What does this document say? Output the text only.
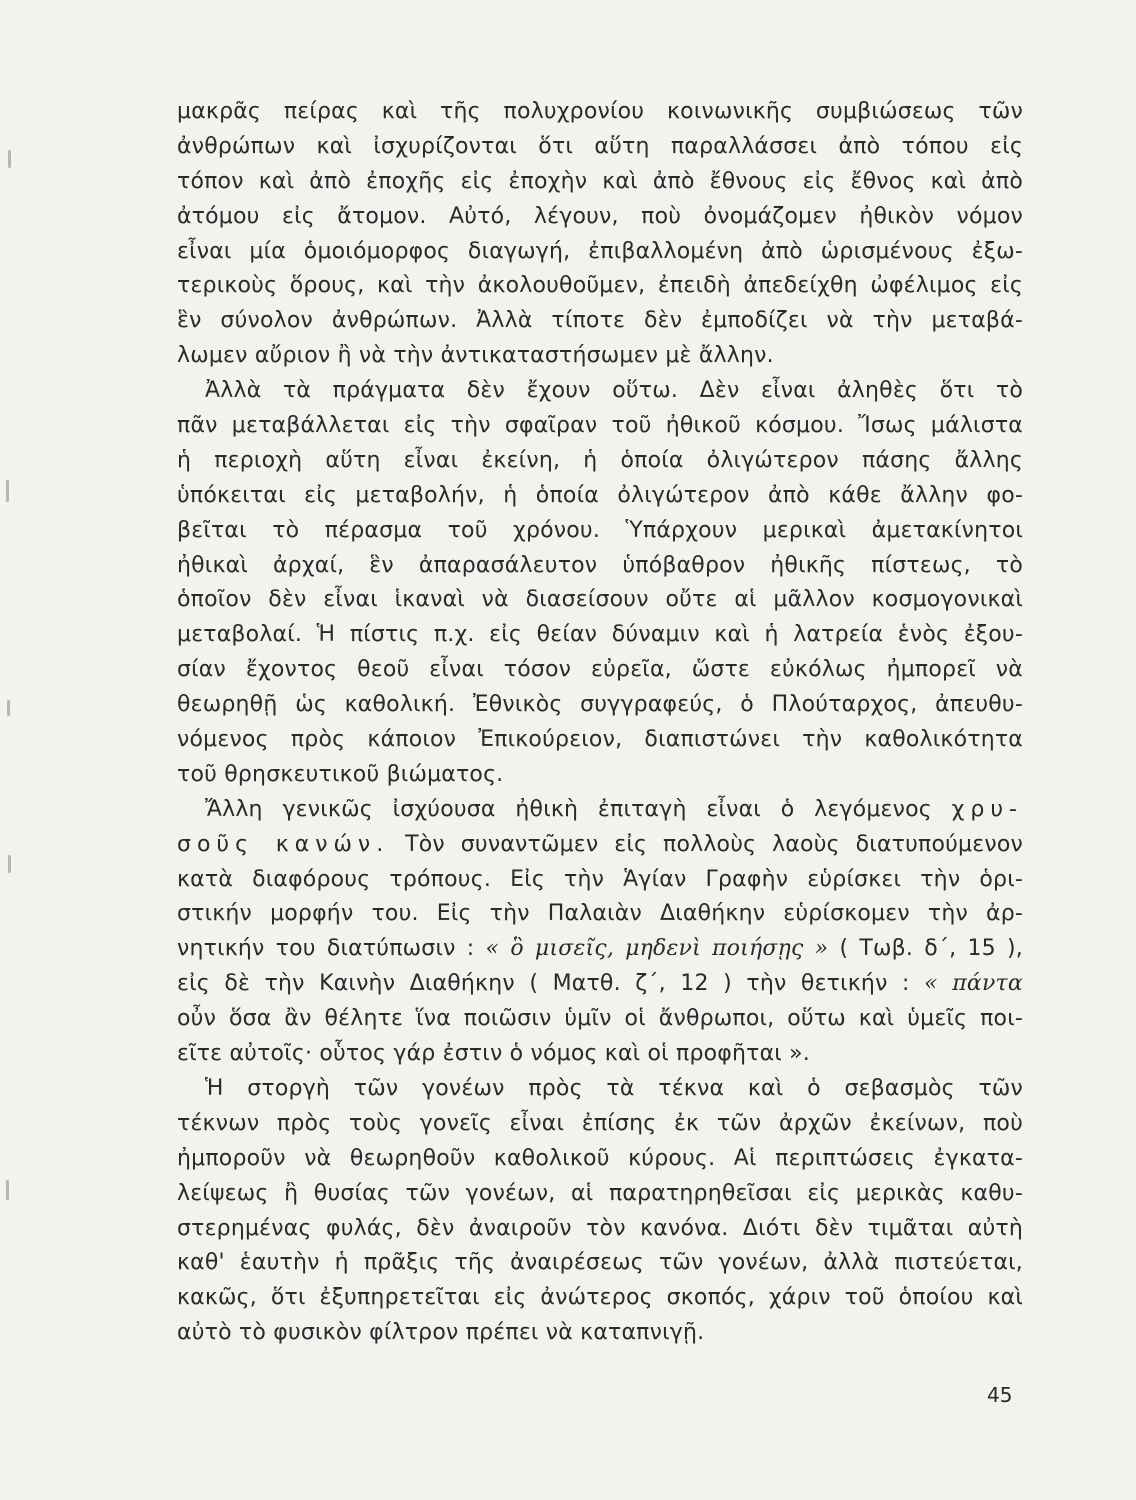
μακρᾶς πείρας καὶ τῆς πολυχρονίου κοινωνικῆς συμβιώσεως τῶν
ἀνθρώπων καὶ ἰσχυρίζονται ὅτι αὕτη παραλλάσσει ἀπὸ τόπου εἰς
τόπον καὶ ἀπὸ ἐποχῆς εἰς ἐποχὴν καὶ ἀπὸ ἔθνους εἰς ἔθνος καὶ ἀπὸ
ἀτόμου εἰς ἄτομον. Αὐτό, λέγουν, ποὺ ὀνομάζομεν ἠθικὸν νόμον
εἶναι μία ὁμοιόμορφος διαγωγή, ἐπιβαλλομένη ἀπὸ ὡρισμένους ἐξω-
τερικοὺς ὅρους, καὶ τὴν ἀκολουθοῦμεν, ἐπειδὴ ἀπεδείχθη ὠφέλιμος εἰς
ἓν σύνολον ἀνθρώπων. Ἀλλὰ τίποτε δὲν ἐμποδίζει νὰ τὴν μεταβά-
λωμεν αὔριον ἢ νὰ τὴν ἀντικαταστήσωμεν μὲ ἄλλην.
Ἀλλὰ τὰ πράγματα δὲν ἔχουν οὕτω. Δὲν εἶναι ἀληθὲς ὅτι τὸ
πᾶν μεταβάλλεται εἰς τὴν σφαῖραν τοῦ ἠθικοῦ κόσμου. Ἴσως μάλιστα
ἡ περιοχὴ αὕτη εἶναι ἐκείνη, ἡ ὁποία ὀλιγώτερον πάσης ἄλλης
ὑπόκειται εἰς μεταβολήν, ἡ ὁποία ὀλιγώτερον ἀπὸ κάθε ἄλλην φο-
βεῖται τὸ πέρασμα τοῦ χρόνου. Ὑπάρχουν μερικαὶ ἀμετακίνητοι
ἠθικαὶ ἀρχαί, ἓν ἀπαρασάλευτον ὑπόβαθρον ἠθικῆς πίστεως, τὸ
ὁποῖον δὲν εἶναι ἱκαναὶ νὰ διασείσουν οὔτε αἱ μᾶλλον κοσμογονικαὶ
μεταβολαί. Ἡ πίστις π.χ. εἰς θείαν δύναμιν καὶ ἡ λατρεία ἑνὸς ἐξου-
σίαν ἔχοντος θεοῦ εἶναι τόσον εὐρεῖα, ὥστε εὐκόλως ἠμπορεῖ νὰ
θεωρηθῇ ὡς καθολική. Ἐθνικὸς συγγραφεύς, ὁ Πλούταρχος, ἀπευθυ-
νόμενος πρὸς κάποιον Ἐπικούρειον, διαπιστώνει τὴν καθολικότητα
τοῦ θρησκευτικοῦ βιώματος.
Ἄλλη γενικῶς ἰσχύουσα ἠθικὴ ἐπιταγὴ εἶναι ὁ λεγόμενος χρυ-
σοῦς κανών. Τὸν συναντῶμεν εἰς πολλοὺς λαοὺς διατυπούμενον
κατὰ διαφόρους τρόπους. Εἰς τὴν Ἁγίαν Γραφὴν εὑρίσκει τὴν ὁρι-
στικήν μορφήν του. Εἰς τὴν Παλαιὰν Διαθήκην εὑρίσκομεν τὴν ἀρ-
νητικήν του διατύπωσιν : « ὃ μισεῖς, μηδενὶ ποιήσῃς » ( Τωβ. δ΄, 15 ),
εἰς δὲ τὴν Καινὴν Διαθήκην ( Ματθ. ζ΄, 12 ) τὴν θετικήν : « πάντα
οὖν ὅσα ἂν θέλητε ἵνα ποιῶσιν ὑμῖν οἱ ἄνθρωποι, οὕτω καὶ ὑμεῖς ποι-
εῖτε αὐτοῖς· οὗτος γάρ ἐστιν ὁ νόμος καὶ οἱ προφῆται ».
Ἡ στοργὴ τῶν γονέων πρὸς τὰ τέκνα καὶ ὁ σεβασμὸς τῶν
τέκνων πρὸς τοὺς γονεῖς εἶναι ἐπίσης ἐκ τῶν ἀρχῶν ἐκείνων, ποὺ
ἠμποροῦν νὰ θεωρηθοῦν καθολικοῦ κύρους. Αἱ περιπτώσεις ἐγκατα-
λείψεως ἢ θυσίας τῶν γονέων, αἱ παρατηρηθεῖσαι εἰς μερικὰς καθυ-
στερημένας φυλάς, δὲν ἀναιροῦν τὸν κανόνα. Διότι δὲν τιμᾶται αὐτὴ
καθ' ἑαυτὴν ἡ πρᾶξις τῆς ἀναιρέσεως τῶν γονέων, ἀλλὰ πιστεύεται,
κακῶς, ὅτι ἐξυπηρετεῖται εἰς ἀνώτερος σκοπός, χάριν τοῦ ὁποίου καὶ
αὐτὸ τὸ φυσικὸν φίλτρον πρέπει νὰ καταπνιγῇ.
45
